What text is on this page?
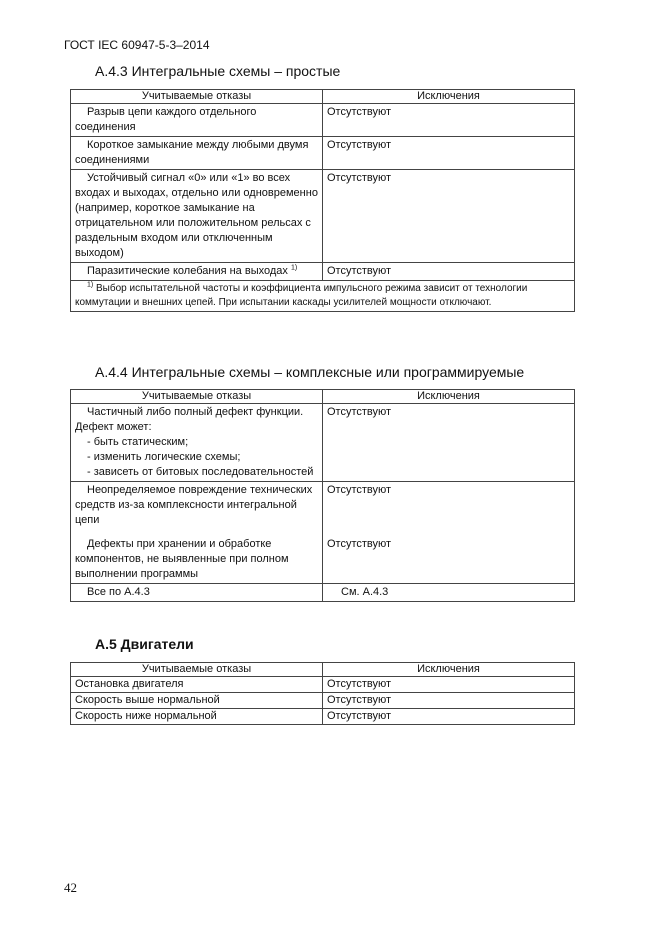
ГОСТ IEC 60947-5-3–2014
А.4.3 Интегральные схемы – простые
Учитываемые отказы	Исключения

Разрыв цепи каждого отдельного соединения	Отсутствуют

Короткое замыкание между любыми двумя соединениями	Отсутствуют

Устойчивый сигнал «0» или «1» во всех входах и выходах, отдельно или одновременно (например, короткое замыкание на отрицательном или положительном рельсах с раздельным входом или отключенным выходом)	Отсутствуют

Паразитические колебания на выходах $^{1)}$	Отсутствуют

$^{1)}$ Выбор испытательной частоты и коэффициента импульсного режима зависит от технологии коммутации и внешних цепей. При испытании каскады усилителей мощности отключают.	
А.4.4 Интегральные схемы – комплексные или программируемые
Учитываемые отказы	Исключения

Частичный либо полный дефект функции. Дефект может:
- быть статическим;
- изменить логические схемы;
- зависеть от битовых последовательностей	Отсутствуют

Неопределяемое повреждение технических средств из-за комплексности интегральной цепи	Отсутствуют

Дефекты при хранении и обработке компонентов, не выявленные при полном выполнении программы	Отсутствуют

Все по А.4.3	См. А.4.3
А.5 Двигатели
Учитываемые отказы	Исключения
Остановка двигателя	Отсутствуют
Скорость выше нормальной	Отсутствуют
Скорость ниже нормальной	Отсутствуют
42
